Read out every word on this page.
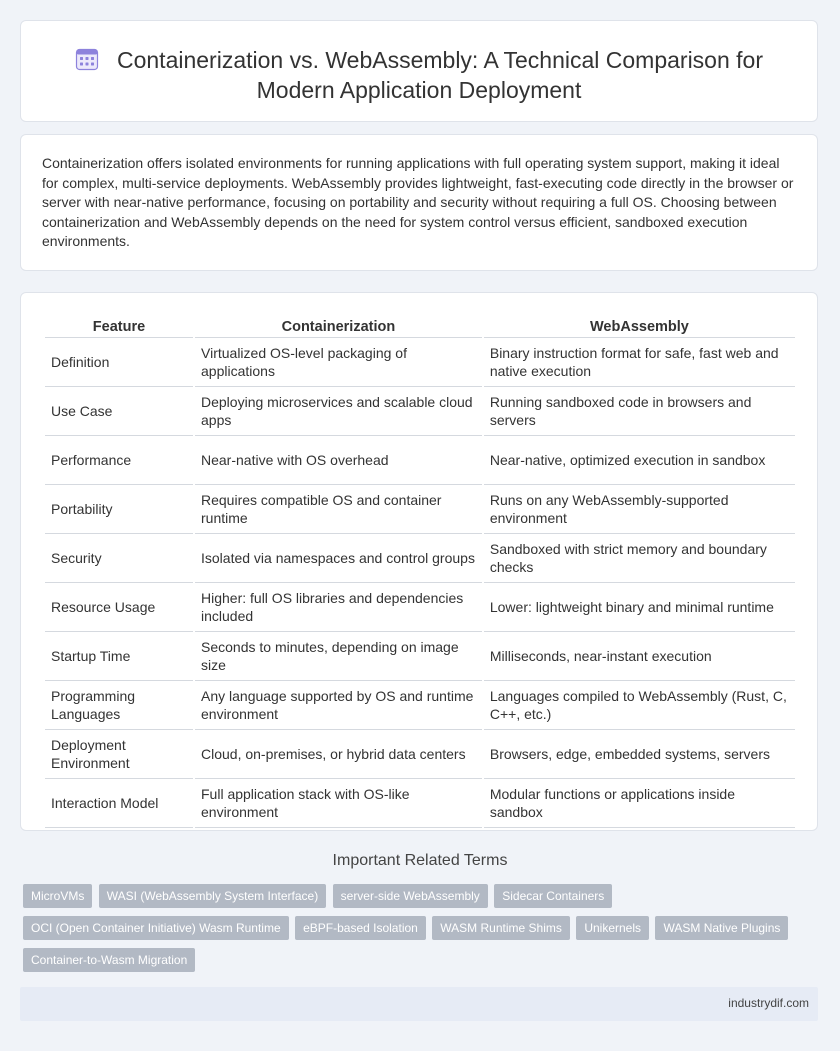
Containerization vs. WebAssembly: A Technical Comparison for Modern Application Deployment
Containerization offers isolated environments for running applications with full operating system support, making it ideal for complex, multi-service deployments. WebAssembly provides lightweight, fast-executing code directly in the browser or server with near-native performance, focusing on portability and security without requiring a full OS. Choosing between containerization and WebAssembly depends on the need for system control versus efficient, sandboxed execution environments.
Feature	Containerization	WebAssembly
Definition	Virtualized OS-level packaging of applications	Binary instruction format for safe, fast web and native execution
Use Case	Deploying microservices and scalable cloud apps	Running sandboxed code in browsers and servers
Performance	Near-native with OS overhead	Near-native, optimized execution in sandbox
Portability	Requires compatible OS and container runtime	Runs on any WebAssembly-supported environment
Security	Isolated via namespaces and control groups	Sandboxed with strict memory and boundary checks
Resource Usage	Higher: full OS libraries and dependencies included	Lower: lightweight binary and minimal runtime
Startup Time	Seconds to minutes, depending on image size	Milliseconds, near-instant execution
Programming Languages	Any language supported by OS and runtime environment	Languages compiled to WebAssembly (Rust, C, C++, etc.)
Deployment Environment	Cloud, on-premises, or hybrid data centers	Browsers, edge, embedded systems, servers
Interaction Model	Full application stack with OS-like environment	Modular functions or applications inside sandbox
Important Related Terms
MicroVMs WASI (WebAssembly System Interface) server-side WebAssembly Sidecar Containers
OCI (Open Container Initiative) Wasm Runtime eBPF-based Isolation WASM Runtime Shims Unikernels WASM Native Plugins
Container-to-Wasm Migration
industrydif.com
